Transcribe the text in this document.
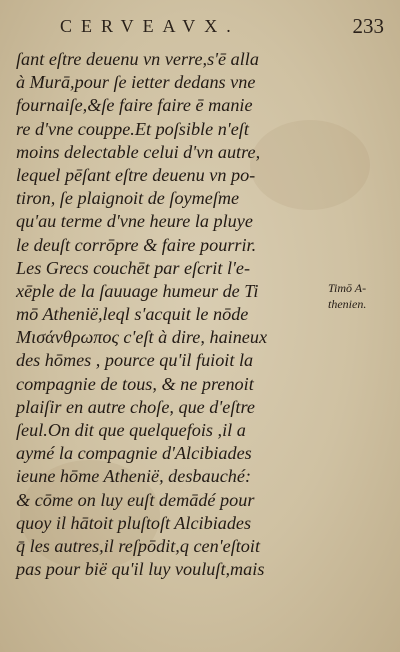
CERVEAVX.	233
ſant eſtre deuenu vn verre,s'ē alla
à Murā,pour ſe ietter dedans vne
fournaiſe,&ſe faire faire ē manie
re d'vne couppe.Et poſsible n'eſt
moins delectable celui d'vn autre,
lequel pēſant eſtre deuenu vn po-
tiron, ſe plaignoit de ſoymeſme
qu'au terme d'vne heure la pluye
le deuſt corrōpre & faire pourrir.
Les Grecs couchēt par eſcrit l'e-
xēple de la ſauuage humeur de Ti
mō Athenië,leql s'acquit le nōde
Μισάνθρωπος c'eſt à dire, haineux
des hōmes , pource qu'il fuioit la
compagnie de tous, & ne prenoit
plaiſir en autre choſe, que d'eſtre
ſeul.On dit que quelquefois ,il a
aymé la compagnie d'Alcibiades
ieune hōme Athenië, desbauché:
& cōme on luy euſt demādé pour
quoy il hātoit pluſtoſt Alcibiades
q̄ les autres,il reſpōdit,q cen'eſtoit
pas pour bië qu'il luy vouluſt,mais
Timō A-
thenien.
